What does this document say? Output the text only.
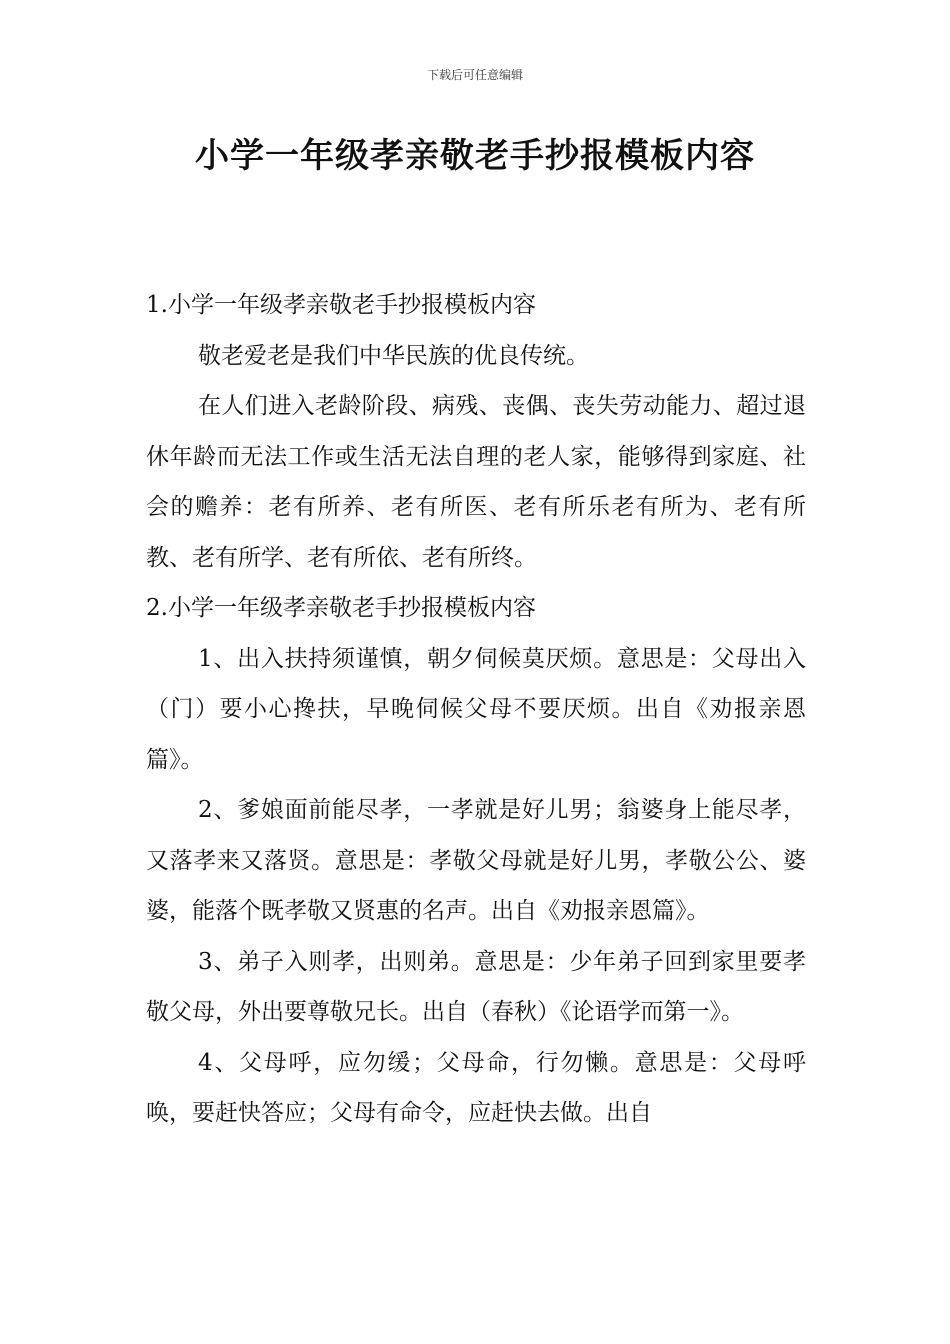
下载后可任意编辑
小学一年级孝亲敬老手抄报模板内容

1.小学一年级孝亲敬老手抄报模板内容

敬老爱老是我们中华民族的优良传统。

在人们进入老龄阶段、病残、丧偶、丧失劳动能力、超过退休年龄而无法工作或生活无法自理的老人家，能够得到家庭、社会的赡养：老有所养、老有所医、老有所乐老有所为、老有所教、老有所学、老有所依、老有所终。

2.小学一年级孝亲敬老手抄报模板内容

1、出入扶持须谨慎，朝夕伺候莫厌烦。意思是：父母出入（门）要小心搀扶，早晚伺候父母不要厌烦。出自《劝报亲恩篇》。

2、爹娘面前能尽孝，一孝就是好儿男；翁婆身上能尽孝，又落孝来又落贤。意思是：孝敬父母就是好儿男，孝敬公公、婆婆，能落个既孝敬又贤惠的名声。出自《劝报亲恩篇》。

3、弟子入则孝，出则弟。意思是：少年弟子回到家里要孝敬父母，外出要尊敬兄长。出自（春秋）《论语学而第一》。

4、父母呼，应勿缓；父母命，行勿懒。意思是：父母呼唤，要赶快答应；父母有命令，应赶快去做。出自
